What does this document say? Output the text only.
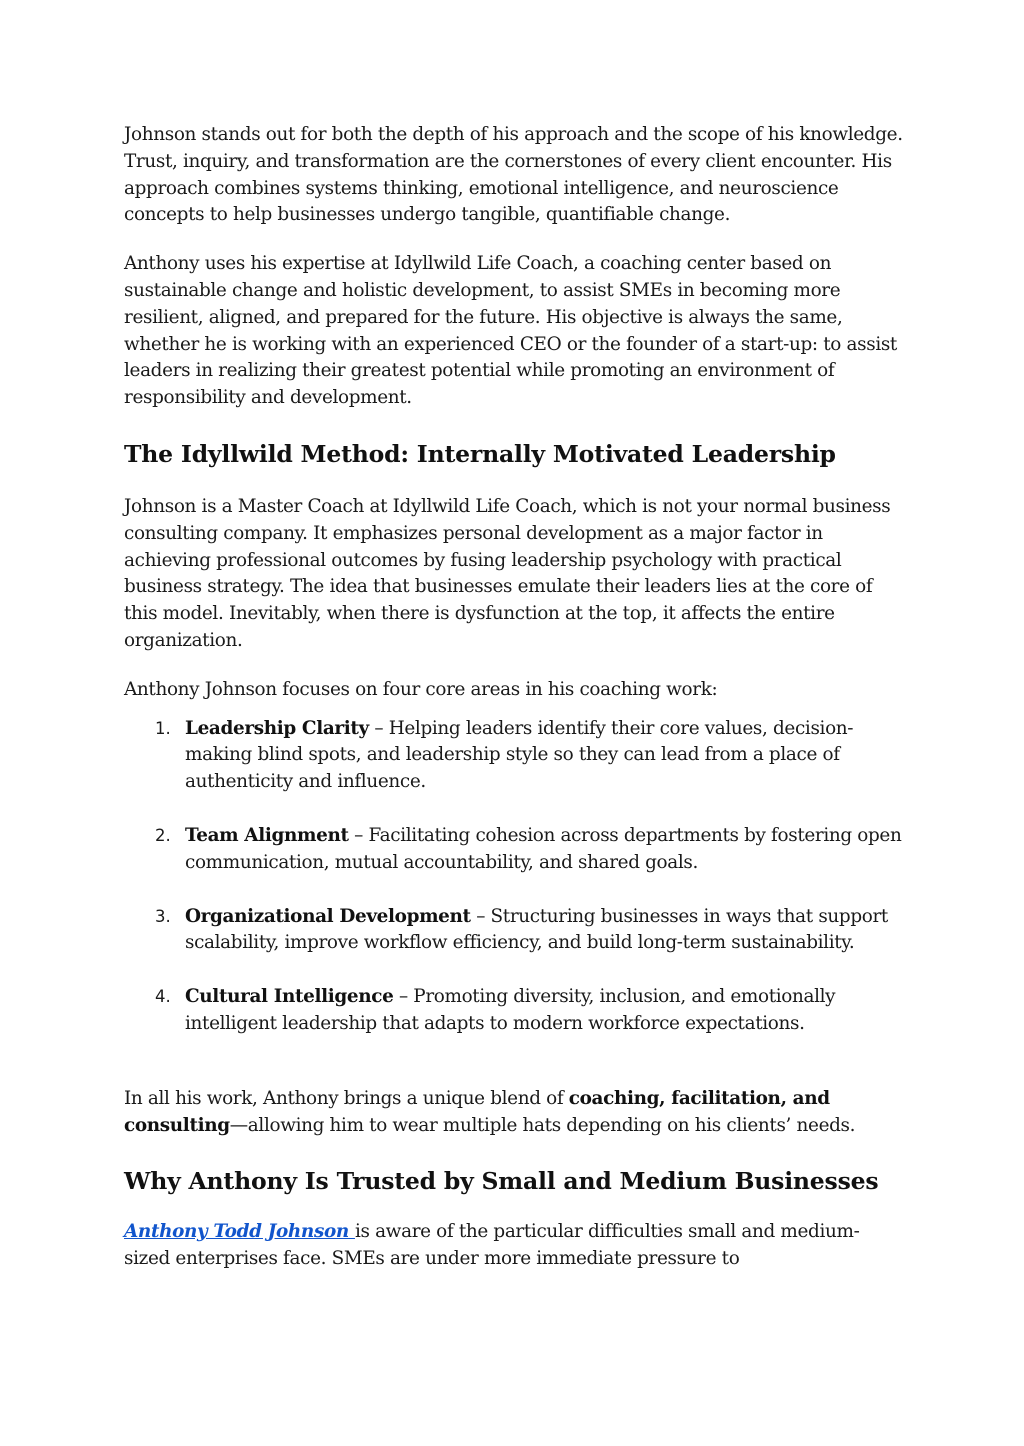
Johnson stands out for both the depth of his approach and the scope of his knowledge. Trust, inquiry, and transformation are the cornerstones of every client encounter. His approach combines systems thinking, emotional intelligence, and neuroscience concepts to help businesses undergo tangible, quantifiable change.

Anthony uses his expertise at Idyllwild Life Coach, a coaching center based on sustainable change and holistic development, to assist SMEs in becoming more resilient, aligned, and prepared for the future. His objective is always the same, whether he is working with an experienced CEO or the founder of a start-up: to assist leaders in realizing their greatest potential while promoting an environment of responsibility and development.

The Idyllwild Method: Internally Motivated Leadership

Johnson is a Master Coach at Idyllwild Life Coach, which is not your normal business consulting company. It emphasizes personal development as a major factor in achieving professional outcomes by fusing leadership psychology with practical business strategy. The idea that businesses emulate their leaders lies at the core of this model. Inevitably, when there is dysfunction at the top, it affects the entire organization.

Anthony Johnson focuses on four core areas in his coaching work:

1. Leadership Clarity – Helping leaders identify their core values, decision-making blind spots, and leadership style so they can lead from a place of authenticity and influence.
2. Team Alignment – Facilitating cohesion across departments by fostering open communication, mutual accountability, and shared goals.
3. Organizational Development – Structuring businesses in ways that support scalability, improve workflow efficiency, and build long-term sustainability.
4. Cultural Intelligence – Promoting diversity, inclusion, and emotionally intelligent leadership that adapts to modern workforce expectations.

In all his work, Anthony brings a unique blend of coaching, facilitation, and consulting—allowing him to wear multiple hats depending on his clients’ needs.

Why Anthony Is Trusted by Small and Medium Businesses

Anthony Todd Johnson is aware of the particular difficulties small and medium-sized enterprises face. SMEs are under more immediate pressure to
